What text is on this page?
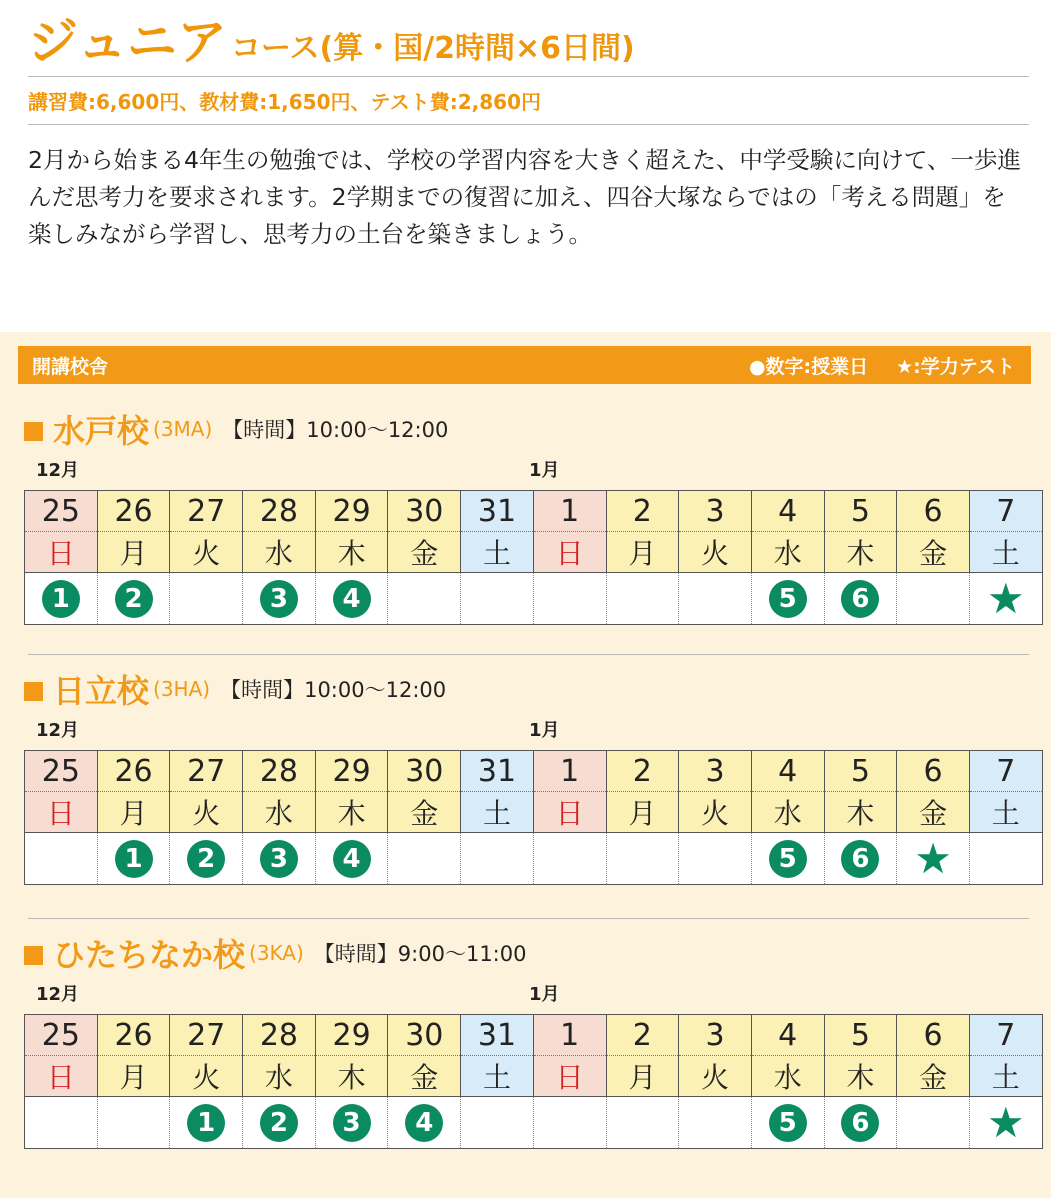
ジュニア コース(算・国/2時間×6日間)
講習費:6,600円、教材費:1,650円、テスト費:2,860円
2月から始まる4年生の勉強では、学校の学習内容を大きく超えた、中学受験に向けて、一歩進んだ思考力を要求されます。2学期までの復習に加え、四谷大塚ならではの「考える問題」を楽しみながら学習し、思考力の土台を築きましょう。
開講校舎	●数字:授業日 ★:学力テスト
水戸校 (3MA) 【時間】10:00〜12:00
12月	1月
25	26	27	28	29	30	31	1	2	3	4	5	6	7
日	月	火	水	木	金	土	日	月	火	水	木	金	土
1	2		3	4						5	6		★
日立校 (3HA) 【時間】10:00〜12:00
12月	1月
25	26	27	28	29	30	31	1	2	3	4	5	6	7
日	月	火	水	木	金	土	日	月	火	水	木	金	土
	1	2	3	4						5	6	★	
ひたちなか校 (3KA) 【時間】9:00〜11:00
12月	1月
25	26	27	28	29	30	31	1	2	3	4	5	6	7
日	月	火	水	木	金	土	日	月	火	水	木	金	土
		1	2	3	4					5	6		★
